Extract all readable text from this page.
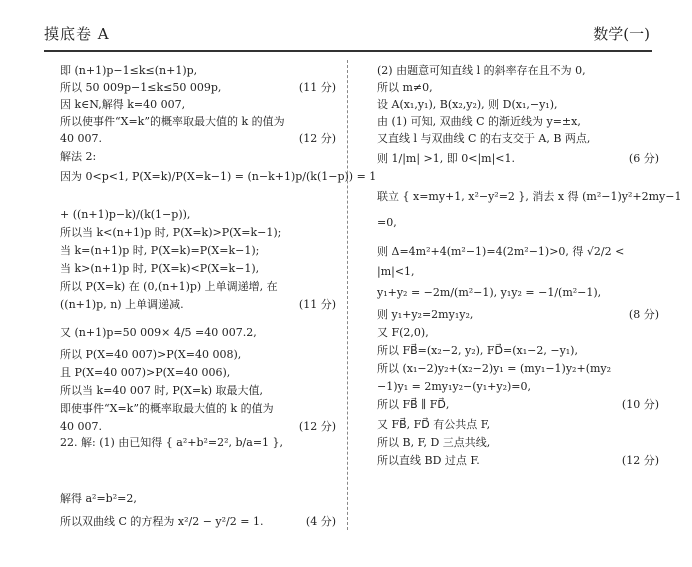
摸底卷 A	数学(一)
即 (n+1)p−1≤k≤(n+1)p,
所以 50 009p−1≤k≤50 009p,	(11 分)
因 k∈N,解得 k=40 007,
所以使事件“X=k”的概率取最大值的 k 的值为
40 007.	(12 分)
解法 2:
因为 0<p<1, P(X=k)/P(X=k−1) = (n−k+1)p/(k(1−p)) = 1
+ ((n+1)p−k)/(k(1−p)),
所以当 k<(n+1)p 时, P(X=k)>P(X=k−1);
当 k=(n+1)p 时, P(X=k)=P(X=k−1);
当 k>(n+1)p 时, P(X=k)<P(X=k−1),
所以 P(X=k) 在 (0,(n+1)p) 上单调递增, 在
((n+1)p, n) 上单调递减.	(11 分)
又 (n+1)p=50 009× 4/5 =40 007.2,
所以 P(X=40 007)>P(X=40 008),
且 P(X=40 007)>P(X=40 006),
所以当 k=40 007 时, P(X=k) 取最大值,
即使事件“X=k”的概率取最大值的 k 的值为
40 007.	(12 分)
22. 解: (1) 由已知得 { a²+b²=2², b/a=1 },
解得 a²=b²=2,
所以双曲线 C 的方程为 x²/2 − y²/2 = 1.	(4 分)
(2) 由题意可知直线 l 的斜率存在且不为 0,
所以 m≠0,
设 A(x₁,y₁), B(x₂,y₂), 则 D(x₁,−y₁),
由 (1) 可知, 双曲线 C 的渐近线为 y=±x,
又直线 l 与双曲线 C 的右支交于 A, B 两点,
则 1/|m| >1, 即 0<|m|<1.	(6 分)
联立 { x=my+1, x²−y²=2 }, 消去 x 得 (m²−1)y²+2my−1
=0,
则 Δ=4m²+4(m²−1)=4(2m²−1)>0, 得 √2/2 <
|m|<1,
y₁+y₂ = −2m/(m²−1), y₁y₂ = −1/(m²−1),
则 y₁+y₂=2my₁y₂,	(8 分)
又 F(2,0),
所以 FB⃗=(x₂−2, y₂), FD⃗=(x₁−2, −y₁),
所以 (x₁−2)y₂+(x₂−2)y₁ = (my₁−1)y₂+(my₂
−1)y₁ = 2my₁y₂−(y₁+y₂)=0,
所以 FB⃗ ∥ FD⃗,	(10 分)
又 FB⃗, FD⃗ 有公共点 F,
所以 B, F, D 三点共线,
所以直线 BD 过点 F.	(12 分)
